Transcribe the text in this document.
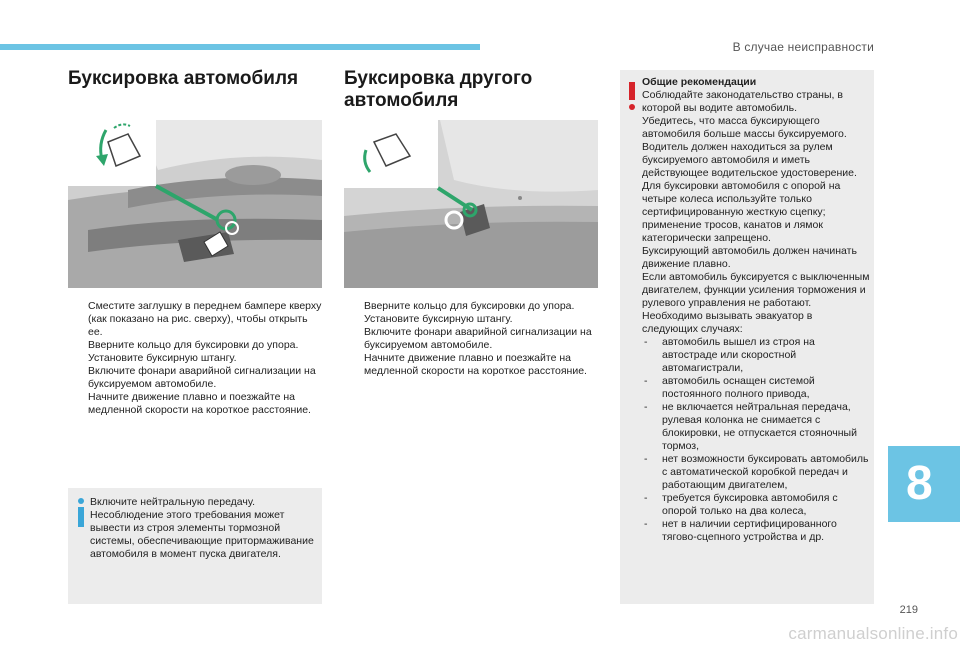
В случае неисправности
Буксировка автомобиля
Сместите заглушку в переднем бампере кверху (как показано на рис. сверху), чтобы открыть ее.
Вверните кольцо для буксировки до упора.
Установите буксирную штангу.
Включите фонари аварийной сигнализации на буксируемом автомобиле.
Начните движение плавно и поезжайте на медленной скорости на короткое расстояние.

Включите нейтральную передачу.

Несоблюдение этого требования может вывести из строя элементы тормозной системы, обеспечивающие притормаживание автомобиля в момент пуска двигателя.

Буксировка другого автомобиля
Вверните кольцо для буксировки до упора.
Установите буксирную штангу.
Включите фонари аварийной сигнализации на буксируемом автомобиле.
Начните движение плавно и поезжайте на медленной скорости на короткое расстояние.

Общие рекомендации

Соблюдайте законодательство страны, в которой вы водите автомобиль.

Убедитесь, что масса буксирующего автомобиля больше массы буксируемого.

Водитель должен находиться за рулем буксируемого автомобиля и иметь действующее водительское удостоверение.

Для буксировки автомобиля с опорой на четыре колеса используйте только сертифицированную жесткую сцепку; применение тросов, канатов и лямок категорически запрещено.

Буксирующий автомобиль должен начинать движение плавно.

Если автомобиль буксируется с выключенным двигателем, функции усиления торможения и рулевого управления не работают.

Необходимо вызывать эвакуатор в следующих случаях:

- автомобиль вышел из строя на автостраде или скоростной автомагистрали,
- автомобиль оснащен системой постоянного полного привода,
- не включается нейтральная передача, рулевая колонка не снимается с блокировки, не отпускается стояночный тормоз,
- нет возможности буксировать автомобиль с автоматической коробкой передач и работающим двигателем,
- требуется буксировка автомобиля с опорой только на два колеса,
- нет в наличии сертифицированного тягово-сцепного устройства и др.
8
219
carmanualsonline.info
